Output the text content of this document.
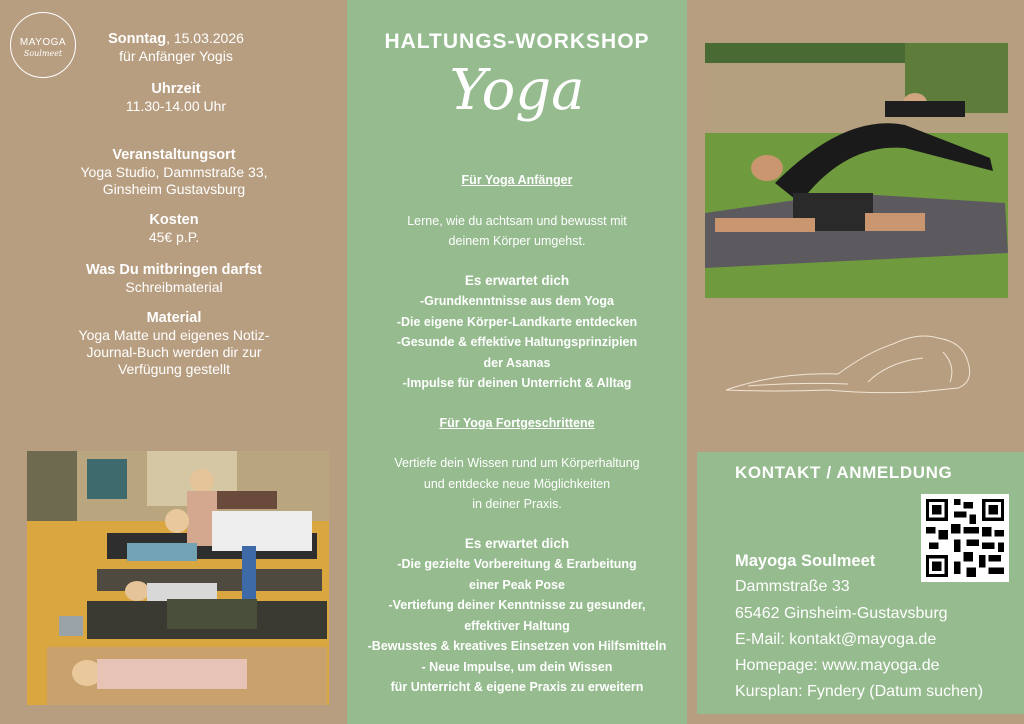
MAYOGA
Soulmeet
Sonntag, 15.03.2026
für Anfänger Yogis
Uhrzeit
11.30-14.00 Uhr
Veranstaltungsort
Yoga Studio, Dammstraße 33,
Ginsheim Gustavsburg
Kosten
45€ p.P.
Was Du mitbringen darfst
Schreibmaterial
Material
Yoga Matte und eigenes Notiz-
Journal-Buch werden dir zur
Verfügung gestellt
HALTUNGS-WORKSHOP
Yoga
Für Yoga Anfänger
Lerne, wie du achtsam und bewusst mit
deinem Körper umgehst.
Es erwartet dich
-Grundkenntnisse aus dem Yoga
-Die eigene Körper-Landkarte entdecken
-Gesunde & effektive Haltungsprinzipien
der Asanas
-Impulse für deinen Unterricht & Alltag
Für Yoga Fortgeschrittene
Vertiefe dein Wissen rund um Körperhaltung
und entdecke neue Möglichkeiten
in deiner Praxis.
Es erwartet dich
-Die gezielte Vorbereitung & Erarbeitung
einer Peak Pose
-Vertiefung deiner Kenntnisse zu gesunder,
effektiver Haltung
-Bewusstes & kreatives Einsetzen von Hilfsmitteln
- Neue Impulse, um dein Wissen
für Unterricht & eigene Praxis zu erweitern
KONTAKT / ANMELDUNG
Mayoga Soulmeet
Dammstraße 33
65462 Ginsheim-Gustavsburg
E-Mail: kontakt@mayoga.de
Homepage: www.mayoga.de
Kursplan: Fyndery (Datum suchen)
